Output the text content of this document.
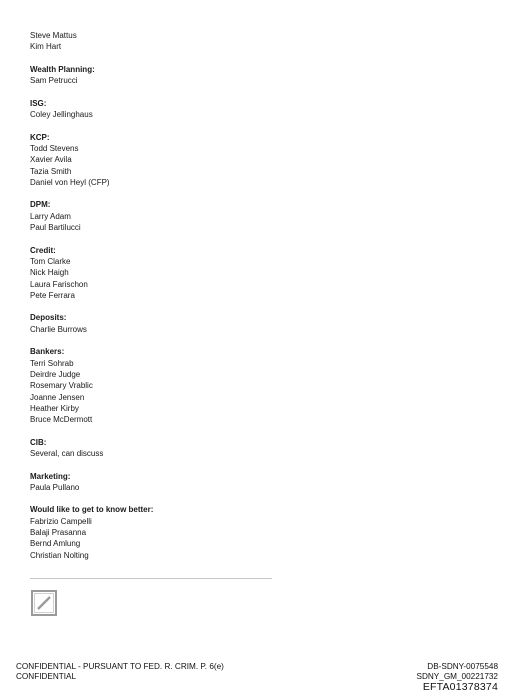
Steve Mattus
Kim Hart
Wealth Planning:
Sam Petrucci
ISG:
Coley Jellinghaus
KCP:
Todd Stevens
Xavier Avila
Tazia Smith
Daniel von Heyl (CFP)
DPM:
Larry Adam
Paul Bartilucci
Credit:
Tom Clarke
Nick Haigh
Laura Farischon
Pete Ferrara
Deposits:
Charlie Burrows
Bankers:
Terri Sohrab
Deirdre Judge
Rosemary Vrablic
Joanne Jensen
Heather Kirby
Bruce McDermott
CIB:
Several, can discuss
Marketing:
Paula Pullano
Would like to get to know better:
Fabrizio Campelli
Balaji Prasanna
Bernd Amlung
Christian Nolting
CONFIDENTIAL - PURSUANT TO FED. R. CRIM. P. 6(e)
CONFIDENTIAL
DB-SDNY-0075548
SDNY_GM_00221732
EFTA01378374
